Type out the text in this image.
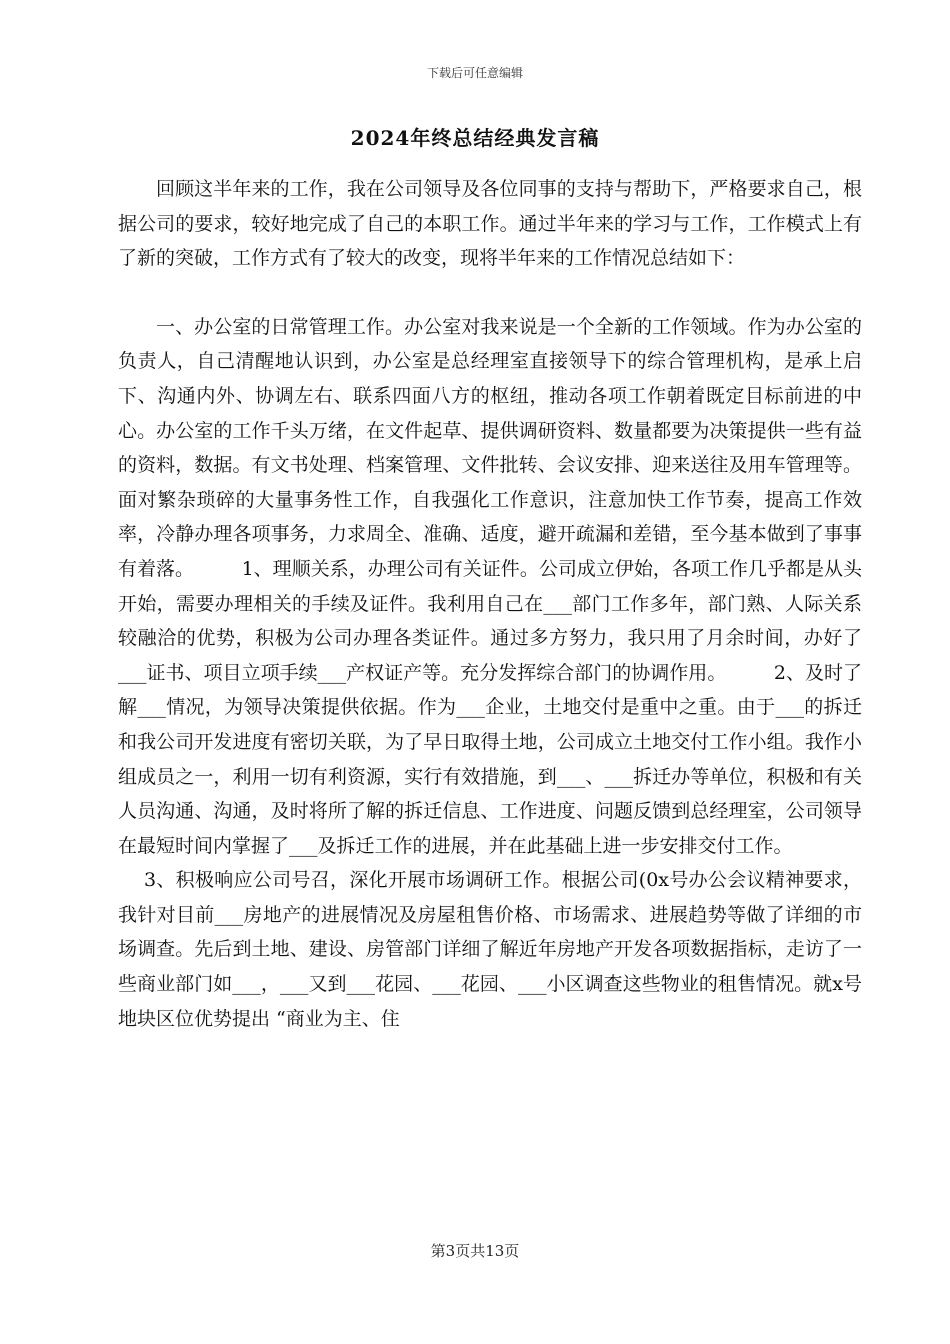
下载后可任意编辑
2024年终总结经典发言稿

回顾这半年来的工作，我在公司领导及各位同事的支持与帮助下，严格要求自己，根据公司的要求，较好地完成了自己的本职工作。通过半年来的学习与工作，工作模式上有了新的突破，工作方式有了较大的改变，现将半年来的工作情况总结如下：

一、办公室的日常管理工作。办公室对我来说是一个全新的工作领域。作为办公室的负责人，自己清醒地认识到，办公室是总经理室直接领导下的综合管理机构，是承上启下、沟通内外、协调左右、联系四面八方的枢纽，推动各项工作朝着既定目标前进的中心。办公室的工作千头万绪，在文件起草、提供调研资料、数量都要为决策提供一些有益的资料，数据。有文书处理、档案管理、文件批转、会议安排、迎来送往及用车管理等。面对繁杂琐碎的大量事务性工作，自我强化工作意识，注意加快工作节奏，提高工作效率，冷静办理各项事务，力求周全、准确、适度，避开疏漏和差错，至今基本做到了事事有着落。　　　1、理顺关系，办理公司有关证件。公司成立伊始，各项工作几乎都是从头开始，需要办理相关的手续及证件。我利用自己在___部门工作多年，部门熟、人际关系较融洽的优势，积极为公司办理各类证件。通过多方努力，我只用了月余时间，办好了___证书、项目立项手续___产权证产等。充分发挥综合部门的协调作用。　　　2、及时了解___情况，为领导决策提供依据。作为___企业，土地交付是重中之重。由于___的拆迁和我公司开发进度有密切关联，为了早日取得土地，公司成立土地交付工作小组。我作小组成员之一，利用一切有利资源，实行有效措施，到___、___拆迁办等单位，积极和有关人员沟通、沟通，及时将所了解的拆迁信息、工作进度、问题反馈到总经理室，公司领导在最短时间内掌握了___及拆迁工作的进展，并在此基础上进一步安排交付工作。

3、积极响应公司号召，深化开展市场调研工作。根据公司(0x号办公会议精神要求，我针对目前___房地产的进展情况及房屋租售价格、市场需求、进展趋势等做了详细的市场调查。先后到土地、建设、房管部门详细了解近年房地产开发各项数据指标，走访了一些商业部门如___，___又到___花园、___花园、___小区调查这些物业的租售情况。就x号地块区位优势提出 “商业为主、住

第3页共13页
